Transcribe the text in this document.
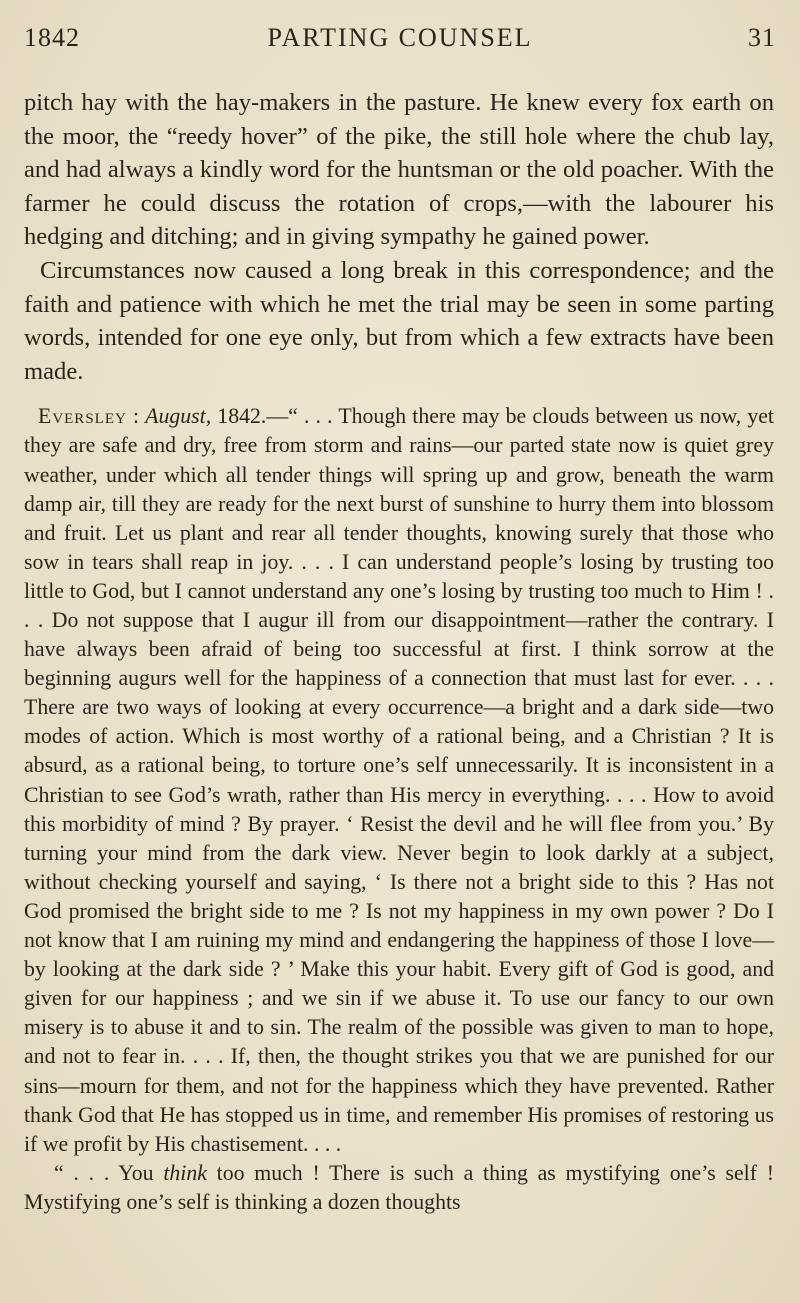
1842	PARTING COUNSEL	31

pitch hay with the hay-makers in the pasture. He knew every fox earth on the moor, the “reedy hover” of the pike, the still hole where the chub lay, and had always a kindly word for the huntsman or the old poacher. With the farmer he could discuss the rotation of crops,—with the labourer his hedging and ditching; and in giving sympathy he gained power.

Circumstances now caused a long break in this correspondence; and the faith and patience with which he met the trial may be seen in some parting words, intended for one eye only, but from which a few extracts have been made.

Eversley : August, 1842.—“ . . . Though there may be clouds between us now, yet they are safe and dry, free from storm and rains—our parted state now is quiet grey weather, under which all tender things will spring up and grow, beneath the warm damp air, till they are ready for the next burst of sunshine to hurry them into blossom and fruit. Let us plant and rear all tender thoughts, knowing surely that those who sow in tears shall reap in joy. . . . I can understand people’s losing by trusting too little to God, but I cannot understand any one’s losing by trusting too much to Him ! . . . Do not suppose that I augur ill from our disappointment—rather the contrary. I have always been afraid of being too successful at first. I think sorrow at the beginning augurs well for the happiness of a connection that must last for ever. . . . There are two ways of looking at every occurrence—a bright and a dark side—two modes of action. Which is most worthy of a rational being, and a Christian ? It is absurd, as a rational being, to torture one’s self unnecessarily. It is inconsistent in a Christian to see God’s wrath, rather than His mercy in everything. . . . How to avoid this morbidity of mind ? By prayer. ‘ Resist the devil and he will flee from you.’ By turning your mind from the dark view. Never begin to look darkly at a subject, without checking yourself and saying, ‘ Is there not a bright side to this ? Has not God promised the bright side to me ? Is not my happiness in my own power ? Do I not know that I am ruining my mind and endangering the happiness of those I love—by looking at the dark side ? ’ Make this your habit. Every gift of God is good, and given for our happiness ; and we sin if we abuse it. To use our fancy to our own misery is to abuse it and to sin. The realm of the possible was given to man to hope, and not to fear in. . . . If, then, the thought strikes you that we are punished for our sins—mourn for them, and not for the happiness which they have prevented. Rather thank God that He has stopped us in time, and remember His promises of restoring us if we profit by His chastisement. . . .

“ . . . You think too much ! There is such a thing as mystifying one’s self ! Mystifying one’s self is thinking a dozen thoughts
